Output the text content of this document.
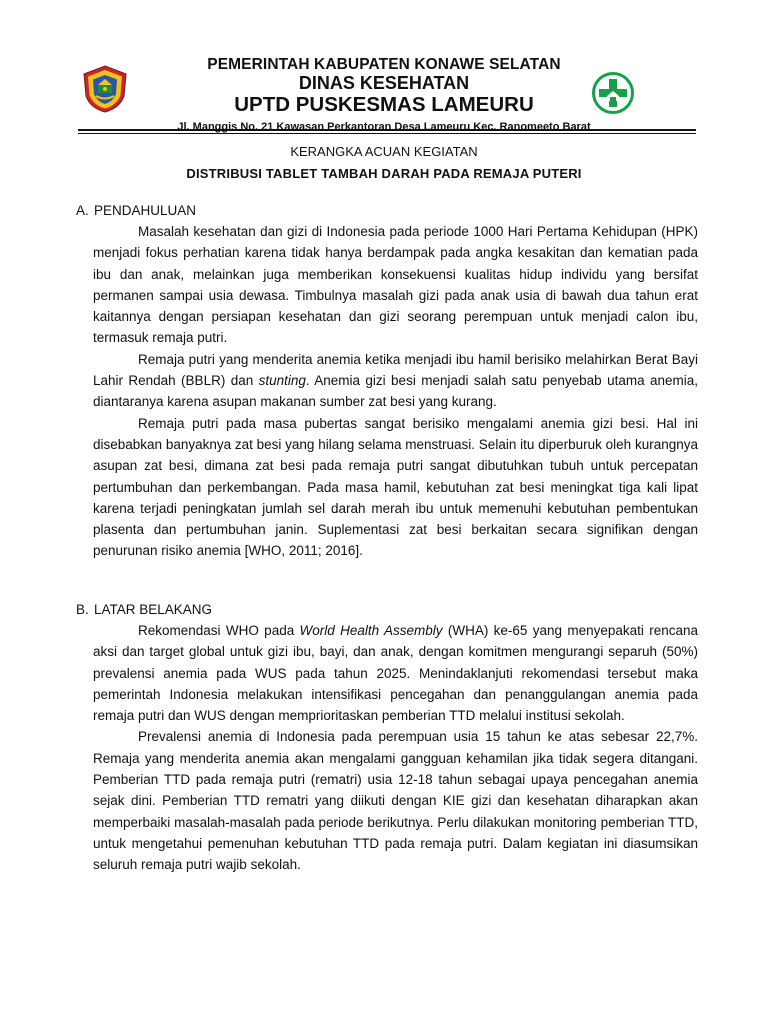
PEMERINTAH KABUPATEN KONAWE SELATAN
DINAS KESEHATAN
UPTD PUSKESMAS LAMEURU
Jl. Manggis No. 21 Kawasan Perkantoran Desa Lameuru Kec. Ranomeeto Barat
KERANGKA ACUAN KEGIATAN
DISTRIBUSI TABLET TAMBAH DARAH PADA REMAJA PUTERI
A. PENDAHULUAN

Masalah kesehatan dan gizi di Indonesia pada periode 1000 Hari Pertama Kehidupan (HPK) menjadi fokus perhatian karena tidak hanya berdampak pada angka kesakitan dan kematian pada ibu dan anak, melainkan juga memberikan konsekuensi kualitas hidup individu yang bersifat permanen sampai usia dewasa. Timbulnya masalah gizi pada anak usia di bawah dua tahun erat kaitannya dengan persiapan kesehatan dan gizi seorang perempuan untuk menjadi calon ibu, termasuk remaja putri.

Remaja putri yang menderita anemia ketika menjadi ibu hamil berisiko melahirkan Berat Bayi Lahir Rendah (BBLR) dan stunting. Anemia gizi besi menjadi salah satu penyebab utama anemia, diantaranya karena asupan makanan sumber zat besi yang kurang.

Remaja putri pada masa pubertas sangat berisiko mengalami anemia gizi besi. Hal ini disebabkan banyaknya zat besi yang hilang selama menstruasi. Selain itu diperburuk oleh kurangnya asupan zat besi, dimana zat besi pada remaja putri sangat dibutuhkan tubuh untuk percepatan pertumbuhan dan perkembangan. Pada masa hamil, kebutuhan zat besi meningkat tiga kali lipat karena terjadi peningkatan jumlah sel darah merah ibu untuk memenuhi kebutuhan pembentukan plasenta dan pertumbuhan janin. Suplementasi zat besi berkaitan secara signifikan dengan penurunan risiko anemia [WHO, 2011; 2016].

B. LATAR BELAKANG

Rekomendasi WHO pada World Health Assembly (WHA) ke-65 yang menyepakati rencana aksi dan target global untuk gizi ibu, bayi, dan anak, dengan komitmen mengurangi separuh (50%) prevalensi anemia pada WUS pada tahun 2025. Menindaklanjuti rekomendasi tersebut maka pemerintah Indonesia melakukan intensifikasi pencegahan dan penanggulangan anemia pada remaja putri dan WUS dengan memprioritaskan pemberian TTD melalui institusi sekolah.

Prevalensi anemia di Indonesia pada perempuan usia 15 tahun ke atas sebesar 22,7%. Remaja yang menderita anemia akan mengalami gangguan kehamilan jika tidak segera ditangani. Pemberian TTD pada remaja putri (rematri) usia 12-18 tahun sebagai upaya pencegahan anemia sejak dini. Pemberian TTD rematri yang diikuti dengan KIE gizi dan kesehatan diharapkan akan memperbaiki masalah-masalah pada periode berikutnya. Perlu dilakukan monitoring pemberian TTD, untuk mengetahui pemenuhan kebutuhan TTD pada remaja putri. Dalam kegiatan ini diasumsikan seluruh remaja putri wajib sekolah.
